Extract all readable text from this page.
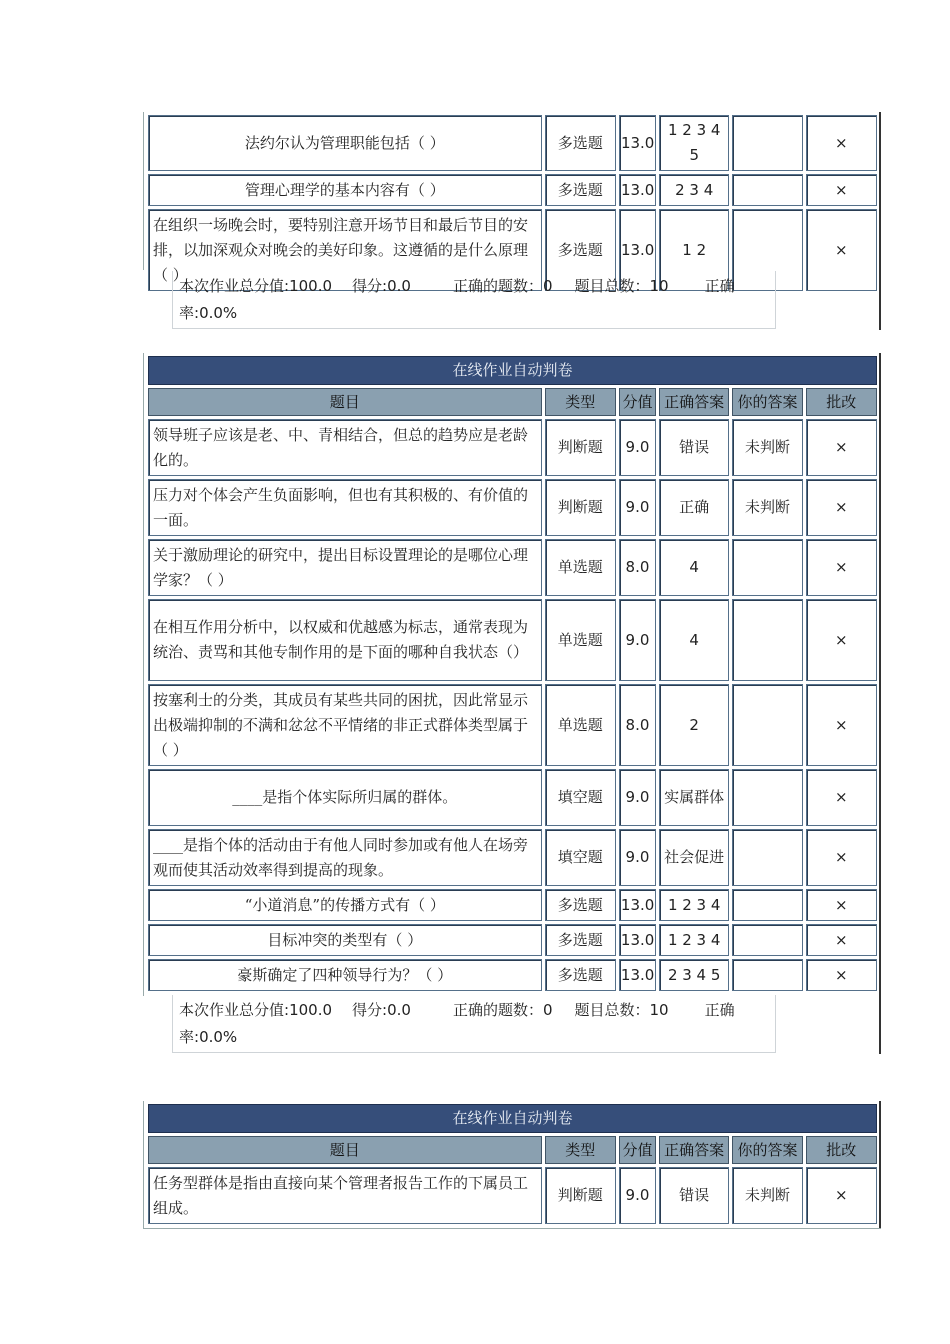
法约尔认为管理职能包括（ ）	多选题	13.0	1 2 3 4 5		×
管理心理学的基本内容有（ ）	多选题	13.0	2 3 4		×
在组织一场晚会时，要特别注意开场节目和最后节目的安排，以加深观众对晚会的美好印象。这遵循的是什么原理（ ）	多选题	13.0	1 2		×
本次作业总分值:100.0 得分:0.0	正确的题数：0 题目总数：10 正确
率:0.0%
在线作业自动判卷					
题目	类型	分值	正确答案	你的答案	批改
领导班子应该是老、中、青相结合，但总的趋势应是老龄化的。	判断题	9.0	错误	未判断	×
压力对个体会产生负面影响，但也有其积极的、有价值的一面。	判断题	9.0	正确	未判断	×
关于激励理论的研究中，提出目标设置理论的是哪位心理学家？（ ）	单选题	8.0	4		×
在相互作用分析中，以权威和优越感为标志，通常表现为统治、责骂和其他专制作用的是下面的哪种自我状态（）	单选题	9.0	4		×
按塞利士的分类，其成员有某些共同的困扰，因此常显示出极端抑制的不满和忿忿不平情绪的非正式群体类型属于（ ）	单选题	8.0	2		×
____是指个体实际所归属的群体。	填空题	9.0	实属群体		×
____是指个体的活动由于有他人同时参加或有他人在场旁观而使其活动效率得到提高的现象。	填空题	9.0	社会促进		×
“小道消息”的传播方式有（ ）	多选题	13.0	1 2 3 4		×
目标冲突的类型有（ ）	多选题	13.0	1 2 3 4		×
豪斯确定了四种领导行为？（ ）	多选题	13.0	2 3 4 5		×
本次作业总分值:100.0 得分:0.0	正确的题数：0 题目总数：10 正确
率:0.0%
在线作业自动判卷					
题目	类型	分值	正确答案	你的答案	批改
任务型群体是指由直接向某个管理者报告工作的下属员工组成。	判断题	9.0	错误	未判断	×
